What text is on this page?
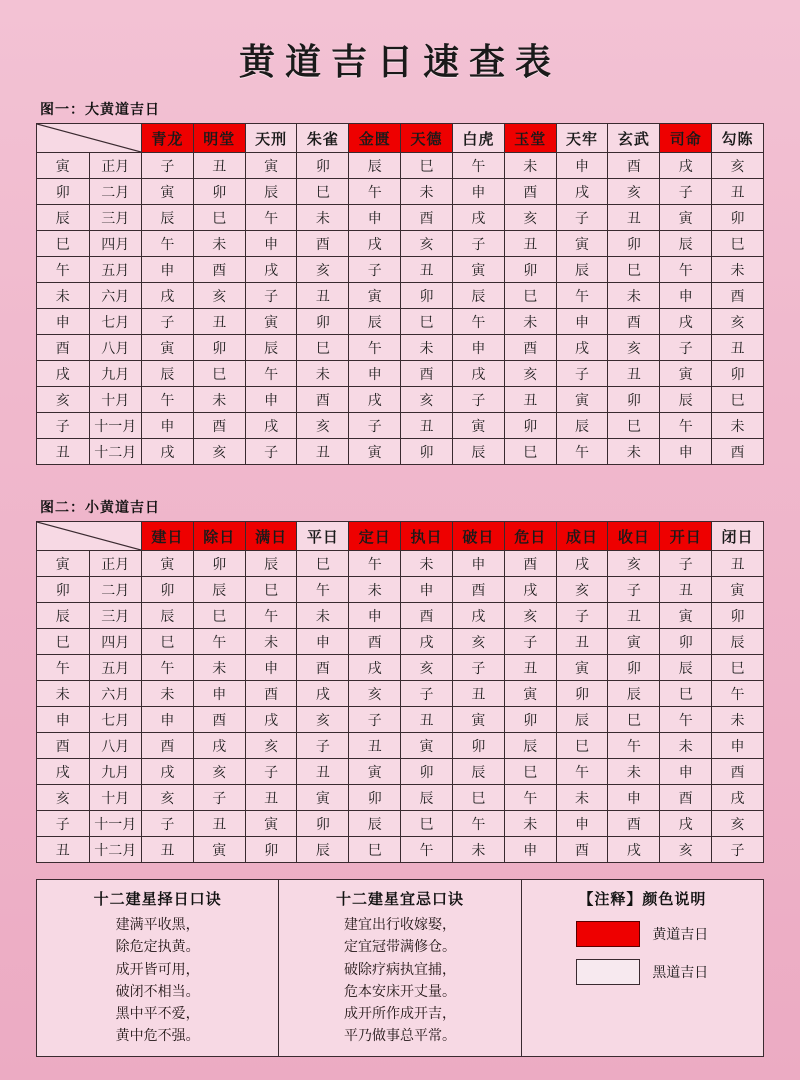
黄道吉日速查表
图一：大黄道吉日
	青龙	明堂	天刑	朱雀	金匮	天德	白虎	玉堂	天牢	玄武	司命	勾陈
寅	正月	子	丑	寅	卯	辰	巳	午	未	申	酉	戌	亥
卯	二月	寅	卯	辰	巳	午	未	申	酉	戌	亥	子	丑
辰	三月	辰	巳	午	未	申	酉	戌	亥	子	丑	寅	卯
巳	四月	午	未	申	酉	戌	亥	子	丑	寅	卯	辰	巳
午	五月	申	酉	戌	亥	子	丑	寅	卯	辰	巳	午	未
未	六月	戌	亥	子	丑	寅	卯	辰	巳	午	未	申	酉
申	七月	子	丑	寅	卯	辰	巳	午	未	申	酉	戌	亥
酉	八月	寅	卯	辰	巳	午	未	申	酉	戌	亥	子	丑
戌	九月	辰	巳	午	未	申	酉	戌	亥	子	丑	寅	卯
亥	十月	午	未	申	酉	戌	亥	子	丑	寅	卯	辰	巳
子	十一月	申	酉	戌	亥	子	丑	寅	卯	辰	巳	午	未
丑	十二月	戌	亥	子	丑	寅	卯	辰	巳	午	未	申	酉
图二：小黄道吉日
	建日	除日	满日	平日	定日	执日	破日	危日	成日	收日	开日	闭日
寅	正月	寅	卯	辰	巳	午	未	申	酉	戌	亥	子	丑
卯	二月	卯	辰	巳	午	未	申	酉	戌	亥	子	丑	寅
辰	三月	辰	巳	午	未	申	酉	戌	亥	子	丑	寅	卯
巳	四月	巳	午	未	申	酉	戌	亥	子	丑	寅	卯	辰
午	五月	午	未	申	酉	戌	亥	子	丑	寅	卯	辰	巳
未	六月	未	申	酉	戌	亥	子	丑	寅	卯	辰	巳	午
申	七月	申	酉	戌	亥	子	丑	寅	卯	辰	巳	午	未
酉	八月	酉	戌	亥	子	丑	寅	卯	辰	巳	午	未	申
戌	九月	戌	亥	子	丑	寅	卯	辰	巳	午	未	申	酉
亥	十月	亥	子	丑	寅	卯	辰	巳	午	未	申	酉	戌
子	十一月	子	丑	寅	卯	辰	巳	午	未	申	酉	戌	亥
丑	十二月	丑	寅	卯	辰	巳	午	未	申	酉	戌	亥	子
十二建星择日口诀

建满平收黑，

除危定执黄。

成开皆可用，

破闭不相当。

黑中平不爱，

黄中危不强。

十二建星宜忌口诀

建宜出行收嫁娶，

定宜冠带满修仓。

破除疗病执宜捕，

危本安床开丈量。

成开所作成开吉，

平乃做事总平常。

【注释】颜色说明
黄道吉日
黑道吉日
